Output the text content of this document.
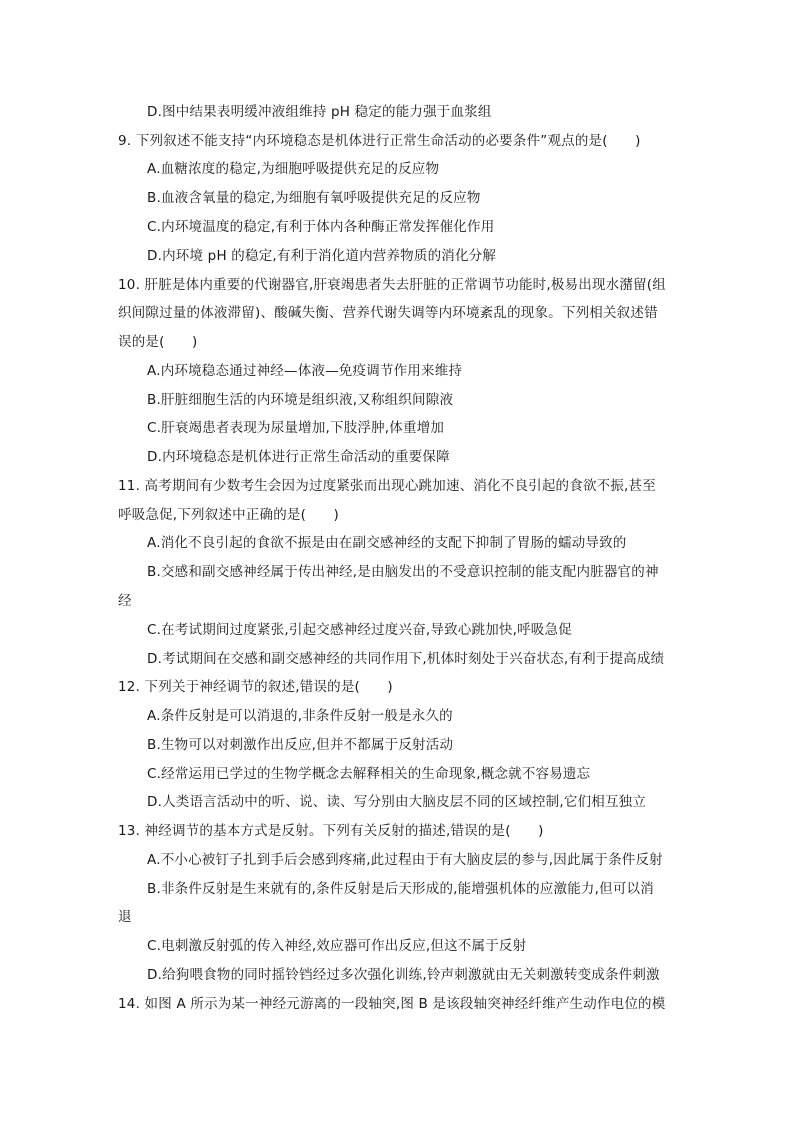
D.图中结果表明缓冲液组维持 pH 稳定的能力强于血浆组
9. 下列叙述不能支持“内环境稳态是机体进行正常生命活动的必要条件”观点的是(　　)
A.血糖浓度的稳定,为细胞呼吸提供充足的反应物
B.血液含氧量的稳定,为细胞有氧呼吸提供充足的反应物
C.内环境温度的稳定,有利于体内各种酶正常发挥催化作用
D.内环境 pH 的稳定,有利于消化道内营养物质的消化分解
10. 肝脏是体内重要的代谢器官,肝衰竭患者失去肝脏的正常调节功能时,极易出现水潴留(组
织间隙过量的体液滞留)、酸碱失衡、营养代谢失调等内环境紊乱的现象。下列相关叙述错
误的是(　　)
A.内环境稳态通过神经—体液—免疫调节作用来维持
B.肝脏细胞生活的内环境是组织液,又称组织间隙液
C.肝衰竭患者表现为尿量增加,下肢浮肿,体重增加
D.内环境稳态是机体进行正常生命活动的重要保障
11. 高考期间有少数考生会因为过度紧张而出现心跳加速、消化不良引起的食欲不振,甚至
呼吸急促,下列叙述中正确的是(　　)
A.消化不良引起的食欲不振是由在副交感神经的支配下抑制了胃肠的蠕动导致的
B.交感和副交感神经属于传出神经,是由脑发出的不受意识控制的能支配内脏器官的神
经
C.在考试期间过度紧张,引起交感神经过度兴奋,导致心跳加快,呼吸急促
D.考试期间在交感和副交感神经的共同作用下,机体时刻处于兴奋状态,有利于提高成绩
12. 下列关于神经调节的叙述,错误的是(　　)
A.条件反射是可以消退的,非条件反射一般是永久的
B.生物可以对刺激作出反应,但并不都属于反射活动
C.经常运用已学过的生物学概念去解释相关的生命现象,概念就不容易遗忘
D.人类语言活动中的听、说、读、写分别由大脑皮层不同的区域控制,它们相互独立
13. 神经调节的基本方式是反射。下列有关反射的描述,错误的是(　　)
A.不小心被钉子扎到手后会感到疼痛,此过程由于有大脑皮层的参与,因此属于条件反射
B.非条件反射是生来就有的,条件反射是后天形成的,能增强机体的应激能力,但可以消
退
C.电刺激反射弧的传入神经,效应器可作出反应,但这不属于反射
D.给狗喂食物的同时摇铃铛经过多次强化训练,铃声刺激就由无关刺激转变成条件刺激
14. 如图 A 所示为某一神经元游离的一段轴突,图 B 是该段轴突神经纤维产生动作电位的模
